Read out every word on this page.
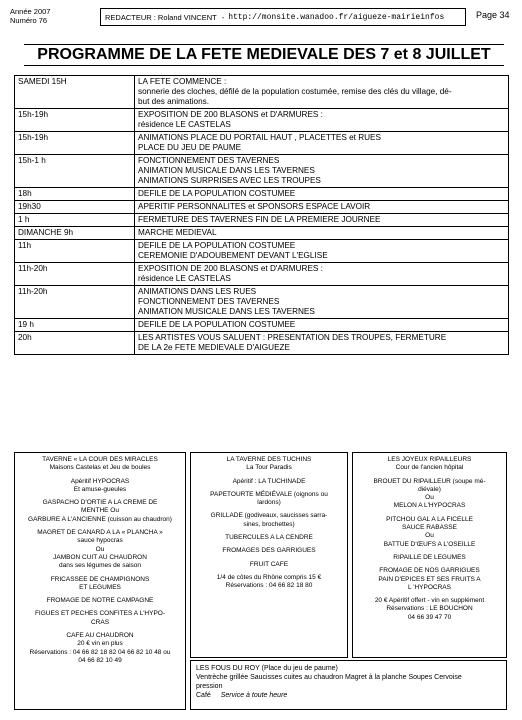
Année 2007
Numéro 76	REDACTEUR : Roland VINCENT - http://monsite.wanadoo.fr/aigueze-mairieinfos	Page 34
PROGRAMME DE LA FETE MEDIEVALE DES 7 et 8 JUILLET
SAMEDI 15H	LA FETE COMMENCE :
sonnerie des cloches, défilé de la population costumée, remise des clés du village, dé-
but des animations.

15h-19h	EXPOSITION DE 200 BLASONS et D'ARMURES :
résidence LE CASTELAS

15h-19h	ANIMATIONS PLACE DU PORTAIL HAUT , PLACETTES et RUES
PLACE DU JEU DE PAUME

15h-1 h	FONCTIONNEMENT DES TAVERNES
ANIMATION MUSICALE DANS LES TAVERNES
ANIMATIONS SURPRISES AVEC LES TROUPES

18h	DEFILE DE LA POPULATION COSTUMEE

19h30	APERITIF PERSONNALITES et SPONSORS ESPACE LAVOIR

1 h	FERMETURE DES TAVERNES FIN DE LA PREMIERE JOURNEE

DIMANCHE 9h	MARCHE MEDIEVAL

11h	DEFILE DE LA POPULATION COSTUMEE
CEREMONIE D'ADOUBEMENT DEVANT L'EGLISE

11h-20h	EXPOSITION DE 200 BLASONS et D'ARMURES :
résidence LE CASTELAS

11h-20h	ANIMATIONS DANS LES RUES
FONCTIONNEMENT DES TAVERNES
ANIMATION MUSICALE DANS LES TAVERNES

19 h	DEFILE DE LA POPULATION COSTUMEE

20h	LES ARTISTES VOUS SALUENT : PRESENTATION DES TROUPES, FERMETURE
DE LA 2e FETE MEDIEVALE D'AIGUEZE
TAVERNE « LA COUR DES MIRACLES
Maisons Castelas et Jeu de boules
Apéritif HYPOCRAS
Et amuse-gueules
GASPACHO D'ORTIE A LA CREME DE
MENTHE Ou
GARBURE A L'ANCIENNE (cuisson au chaudron)
MAGRET DE CANARD A LA « PLANCHA »
sauce hypocras
Ou
JAMBON CUIT AU CHAUDRON
dans ses légumes de saison
FRICASSEE DE CHAMPIGNONS
ET LEGUMES
FROMAGE DE NOTRE CAMPAGNE
FIGUES ET PECHES CONFITES A L'HYPO-
CRAS
CAFE AU CHAUDRON
20 € vin en plus
Réservations : 04 66 82 18 82 04 66 82 10 48 ou
04 66 82 10 49
LA TAVERNE DES TUCHINS
La Tour Paradis
Apéritif : LA TUCHINADE
PAPETOURTE MÉDIÉVALE (oignons ou
lardons)
GRILLADE (godiveaux, saucisses sarra-
sines, brochettes)
TUBERCULES A LA CENDRE
FROMAGES DES GARRIGUES
FRUIT CAFE
1/4 de côtes du Rhône compris 15 €
Réservations : 04 66 82 18 80
LES JOYEUX RIPAILLEURS
Cour de l'ancien hôpital
BROUET DU RIPAILLEUR (soupe mé-
diévale)
Ou
MELON A L'HYPOCRAS
PITCHOU GAL A LA FICELLE
SAUCE RABASSE
Ou
BATTUE D'ŒUFS A L'OSEILLE
RIPAILLE DE LEGUMES
FROMAGE DE NOS GARRIGUES
PAIN D'EPICES ET SES FRUITS A
L 'HYPOCRAS
20 € Apéritif offert - vin en supplément
Réservations : LE BOUCHON
04 66 39 47 70
LES FOUS DU ROY (Place du jeu de paume)
Ventrèche grillée Saucisses cuites au chaudron Magret à la planche Soupes Cervoise
pression
Café Service à toute heure
